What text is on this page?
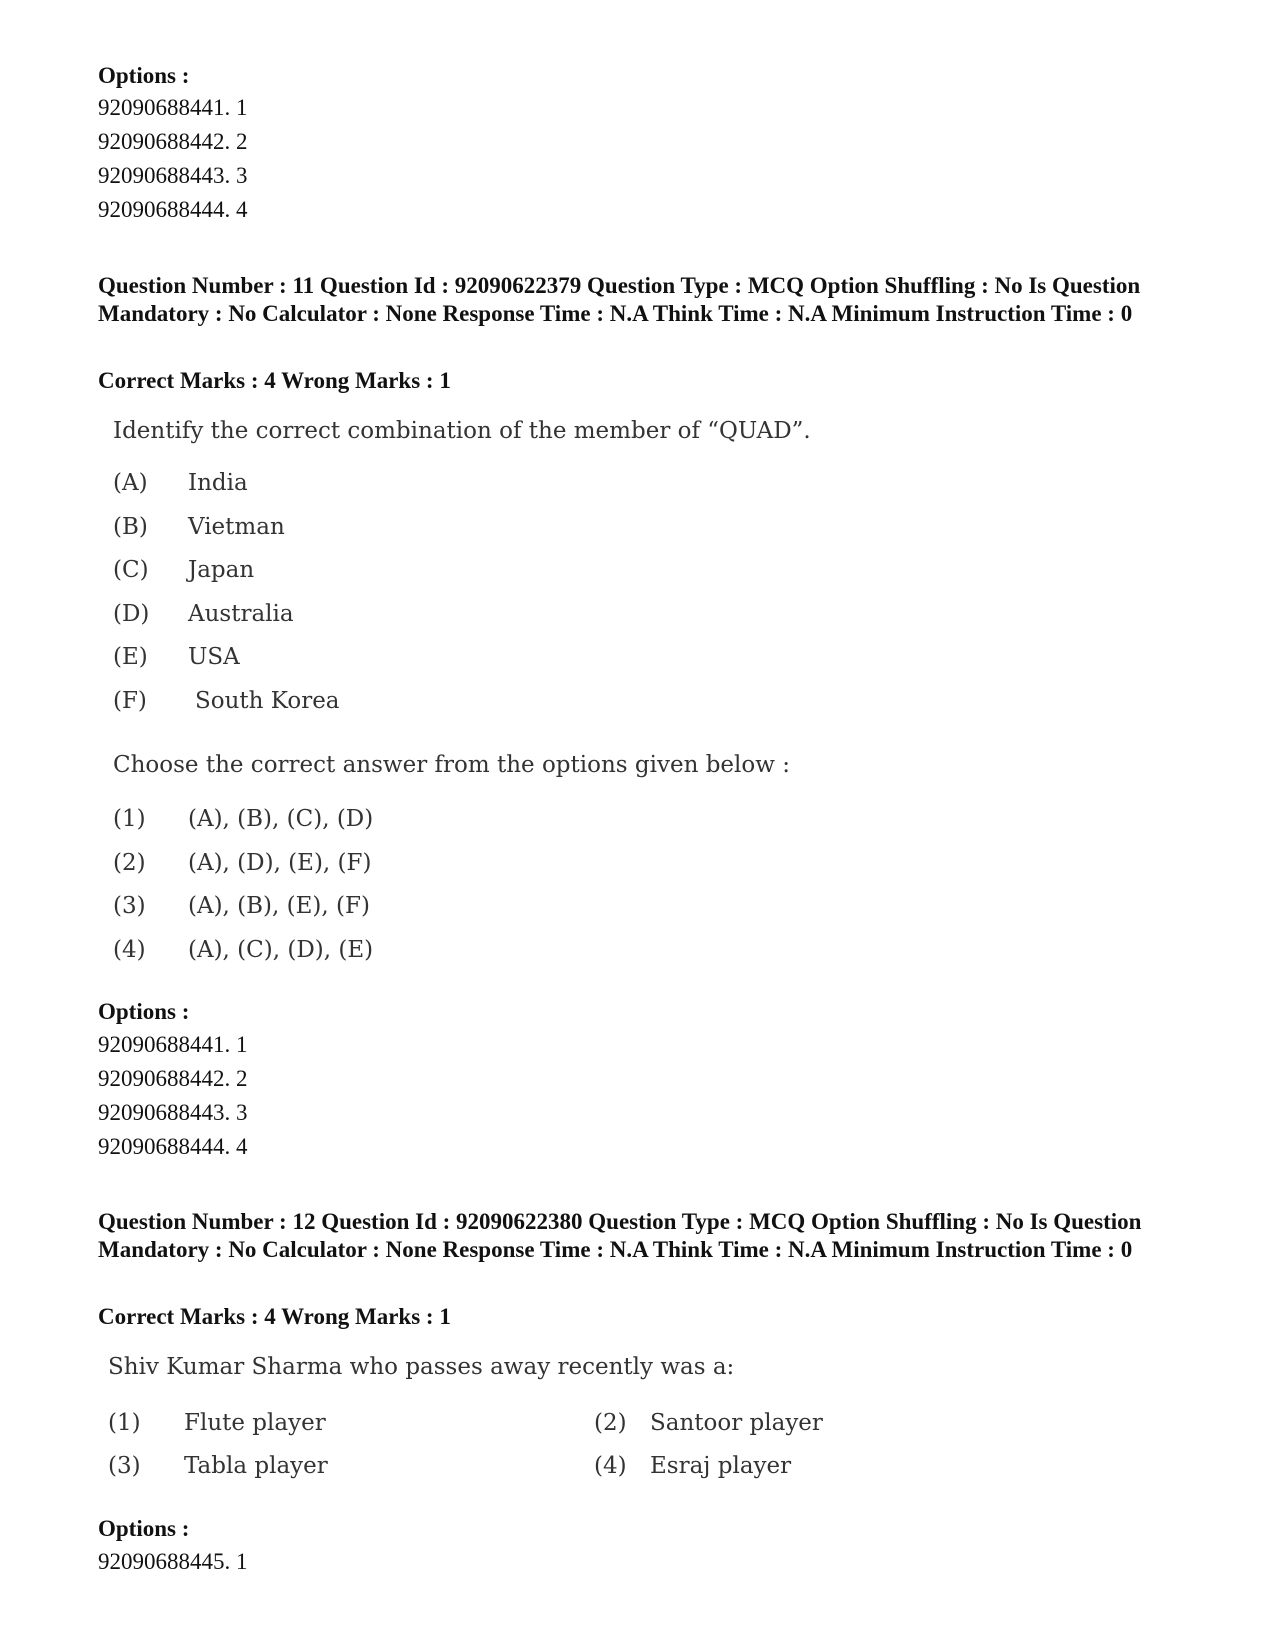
Options :
92090688441. 1
92090688442. 2
92090688443. 3
92090688444. 4
Question Number : 11 Question Id : 92090622379 Question Type : MCQ Option Shuffling : No Is Question Mandatory : No Calculator : None Response Time : N.A Think Time : N.A Minimum Instruction Time : 0
Correct Marks : 4 Wrong Marks : 1
Identify the correct combination of the member of “QUAD”.
(A)	India
(B)	Vietman
(C)	Japan
(D)	Australia
(E)	USA
(F)	South Korea
Choose the correct answer from the options given below :
(1)	(A), (B), (C), (D)
(2)	(A), (D), (E), (F)
(3)	(A), (B), (E), (F)
(4)	(A), (C), (D), (E)
Options :
92090688441. 1
92090688442. 2
92090688443. 3
92090688444. 4
Question Number : 12 Question Id : 92090622380 Question Type : MCQ Option Shuffling : No Is Question Mandatory : No Calculator : None Response Time : N.A Think Time : N.A Minimum Instruction Time : 0
Correct Marks : 4 Wrong Marks : 1
Shiv Kumar Sharma who passes away recently was a:
(1)	Flute player	(2)	Santoor player
(3)	Tabla player	(4)	Esraj player
Options :
92090688445. 1
